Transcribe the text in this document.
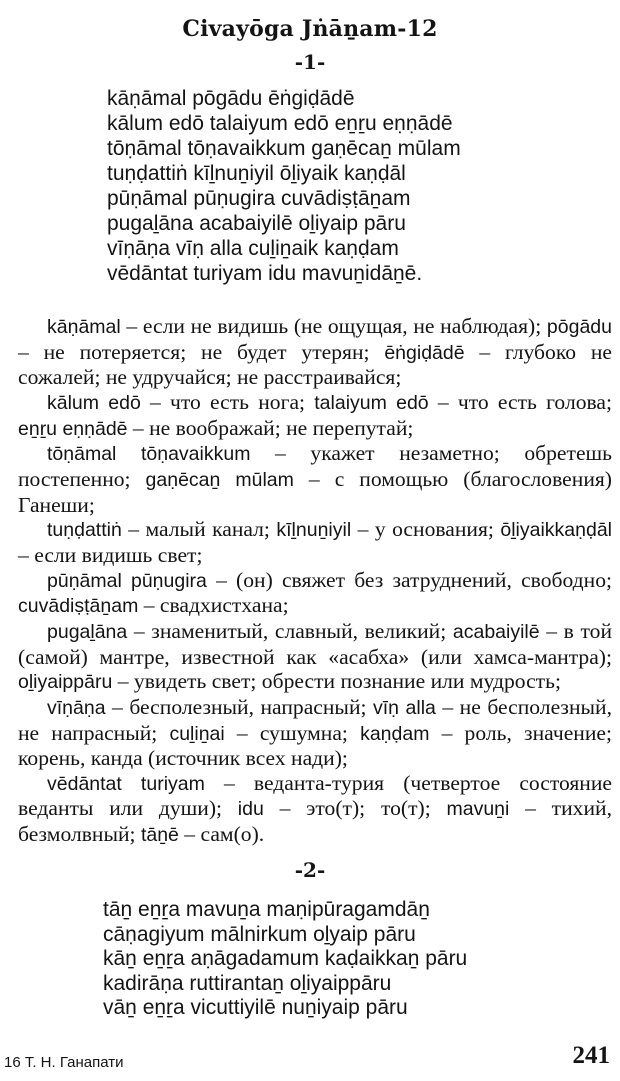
Civayōga Jṅāṉam-12
-1-
kāṇāmal pōgādu ēṅgiḍādē
kālum edō talaiyum edō eṉṟu eṇṇādē
tōṇāmal tōṇavaikkum gaṇēcaṉ mūlam
tuṇḍattiṅ kīḻnuṉiyil ōḻiyaik kaṇḍāl
pūṇāmal pūṇugira cuvādiṣṭāṉam
pugaḻāna acabaiyilē oḻiyaip pāru
vīṇāṇa vīṇ alla cuḻiṉaik kaṇḍam
vēdāntat turiyam idu mavuṉidāṉē.

kāṇāmal – если не видишь (не ощущая, не наблюдая); pōgādu – не потеряется; не будет утерян; ēṅgiḍādē – глубоко не сожалей; не удручайся; не расстраивайся;

kālum edō – что есть нога; talaiyum edō – что есть голова; eṉṟu eṇṇādē – не воображай; не перепутай;

tōṇāmal tōṇavaikkum – укажет незаметно; обретешь постепенно; gaṇēcaṉ mūlam – с помощью (благословения) Ганеши;

tuṇḍattiṅ – малый канал; kīḻnuṉiyil – у основания; ōḻiyaikkaṇḍāl – если видишь свет;

pūṇāmal pūṇugira – (он) свяжет без затруднений, свободно; cuvādiṣṭāṉam – свадхистхана;

pugaḻāna – знаменитый, славный, великий; acabaiyilē – в той (самой) мантре, известной как «асабха» (или хамса-мантра); oḻiyaippāru – увидеть свет; обрести познание или мудрость;

vīṇāṇa – бесполезный, напрасный; vīṇ alla – не бесполезный, не напрасный; cuḻiṉai – сушумна; kaṇḍam – роль, значение; корень, канда (источник всех нади);

vēdāntat turiyam – веданта-турия (четвертое состояние веданты или души); idu – это(т); то(т); mavuṉi – тихий, безмолвный; tāṉē – сам(о).

-2-
tāṉ eṉṟa mavuṉa maṇipūragamdāṉ
cāṇagiyum mālnirkum oḻyaip pāru
kāṉ eṉṟa aṇāgadamum kaḍaikkaṉ pāru
kadirāṇa ruttirantaṉ oḻiyaippāru
vāṉ eṉṟa vicuttiyilē nuṉiyaip pāru
16 Т. Н. Ганапати	241
